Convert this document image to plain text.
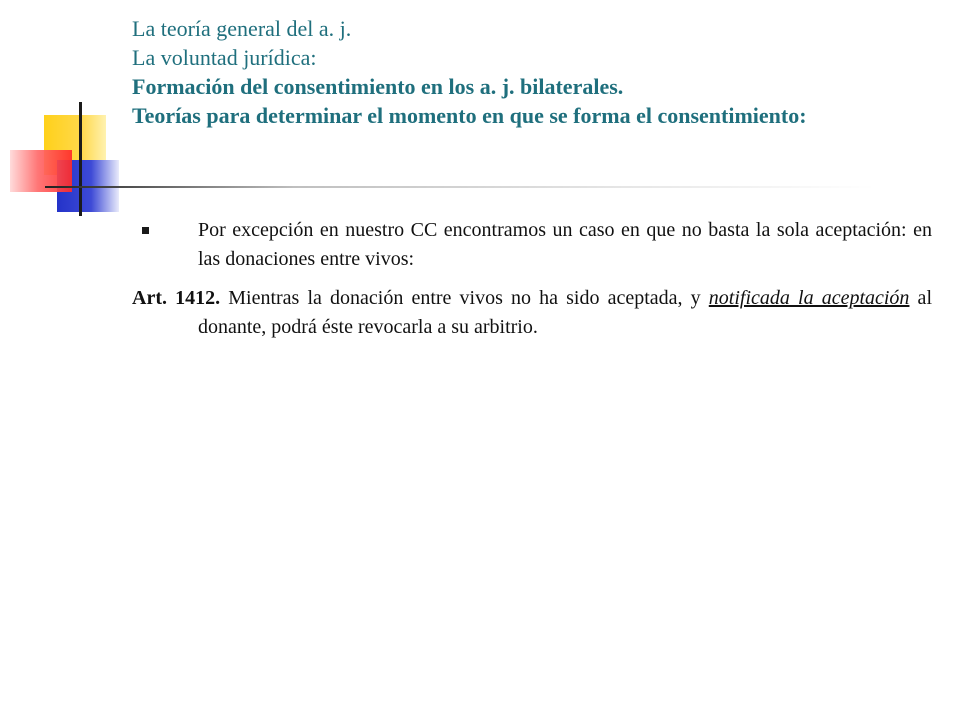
La teoría general del a. j.
La voluntad jurídica:
Formación del consentimiento en los a. j. bilaterales.
Teorías para determinar el momento en que se forma el consentimiento:
Por excepción en nuestro CC encontramos un caso en que no basta la sola aceptación: en las donaciones entre vivos:
Art. 1412. Mientras la donación entre vivos no ha sido aceptada, y notificada la aceptación al donante, podrá éste revocarla a su arbitrio.
